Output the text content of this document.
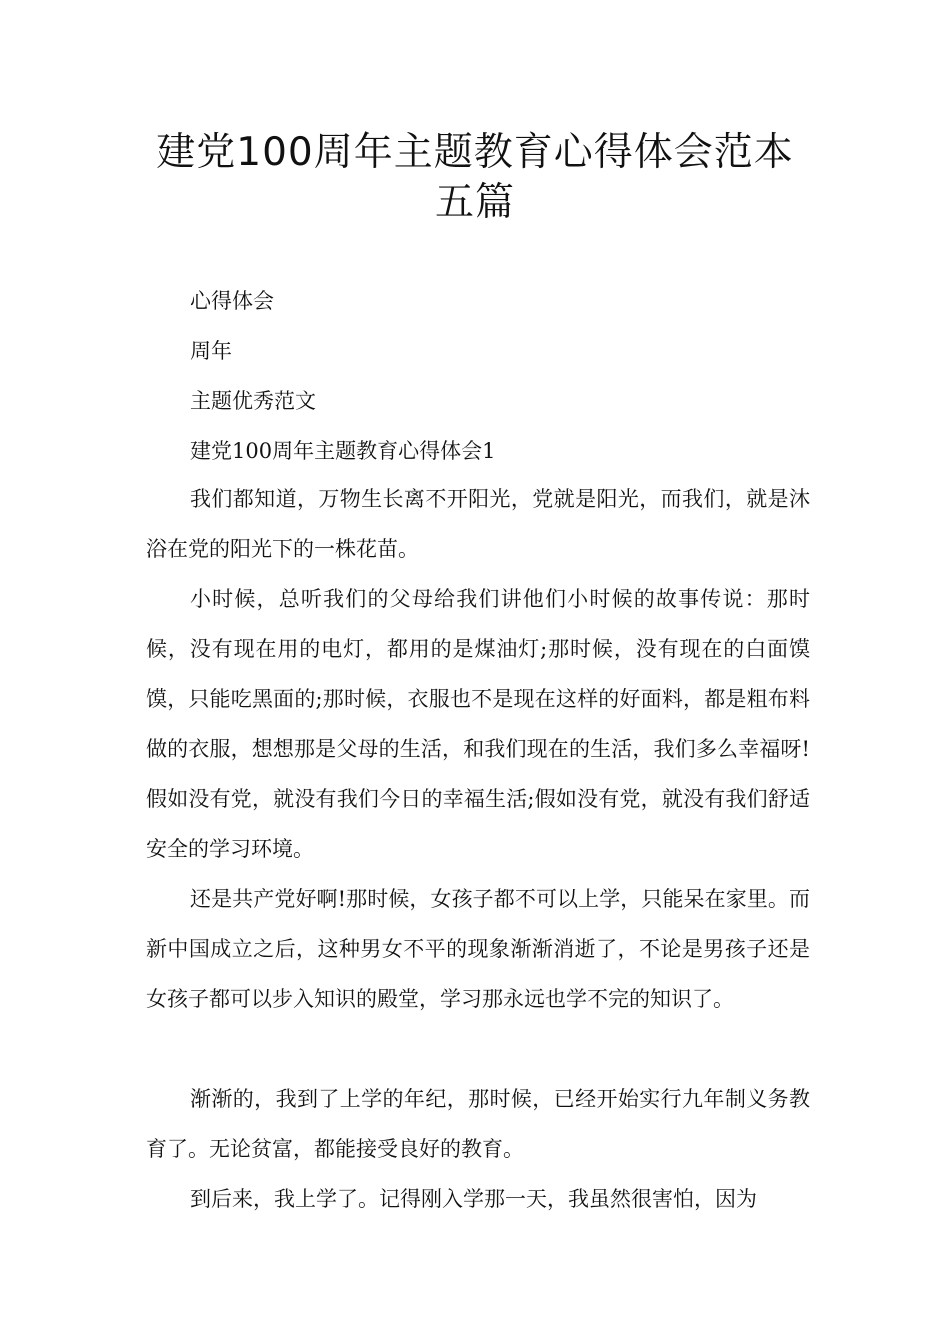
建党100周年主题教育心得体会范本五篇

心得体会

周年

主题优秀范文

建党100周年主题教育心得体会1

我们都知道，万物生长离不开阳光，党就是阳光，而我们，就是沐浴在党的阳光下的一株花苗。

小时候，总听我们的父母给我们讲他们小时候的故事传说：那时候，没有现在用的电灯，都用的是煤油灯;那时候，没有现在的白面馍馍，只能吃黑面的;那时候，衣服也不是现在这样的好面料，都是粗布料做的衣服，想想那是父母的生活，和我们现在的生活，我们多么幸福呀!假如没有党，就没有我们今日的幸福生活;假如没有党，就没有我们舒适安全的学习环境。

还是共产党好啊!那时候，女孩子都不可以上学，只能呆在家里。而新中国成立之后，这种男女不平的现象渐渐消逝了，不论是男孩子还是女孩子都可以步入知识的殿堂，学习那永远也学不完的知识了。

渐渐的，我到了上学的年纪，那时候，已经开始实行九年制义务教育了。无论贫富，都能接受良好的教育。

到后来，我上学了。记得刚入学那一天，我虽然很害怕，因为
